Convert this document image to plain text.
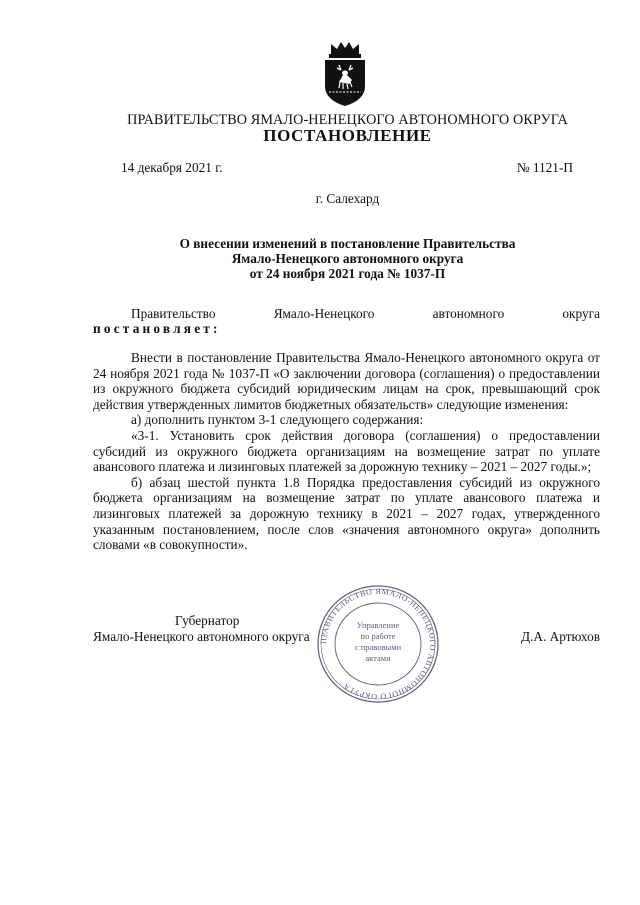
ПРАВИТЕЛЬСТВО ЯМАЛО-НЕНЕЦКОГО АВТОНОМНОГО ОКРУГА
ПОСТАНОВЛЕНИЕ
14 декабря 2021 г.	№ 1121-П
г. Салехард
О внесении изменений в постановление Правительства
Ямало-Ненецкого автономного округа
от 24 ноября 2021 года № 1037-П
Правительство	Ямало-Ненецкого	автономного	округа
постановляет:

Внести в постановление Правительства Ямало-Ненецкого автономного округа от 24 ноября 2021 года № 1037-П «О заключении договора (соглашения) о предоставлении из окружного бюджета субсидий юридическим лицам на срок, превышающий срок действия утвержденных лимитов бюджетных обязательств» следующие изменения:

а) дополнить пунктом 3-1 следующего содержания:

«3-1. Установить срок действия договора (соглашения) о предоставлении субсидий из окружного бюджета организациям на возмещение затрат по уплате авансового платежа и лизинговых платежей за дорожную технику – 2021 – 2027 годы.»;

б) абзац шестой пункта 1.8 Порядка предоставления субсидий из окружного бюджета организациям на возмещение затрат по уплате авансового платежа и лизинговых платежей за дорожную технику в 2021 – 2027 годах, утвержденного указанным постановлением, после слов «значения автономного округа» дополнить словами «в совокупности».

Губернатор
Ямало-Ненецкого автономного округа	Д.А. Артюхов
ПРАВИТЕЛЬСТВО ЯМАЛО-НЕНЕЦКОГО АВТОНОМНОГО ОКРУГА
Управление
по работе
с правовыми
актами
